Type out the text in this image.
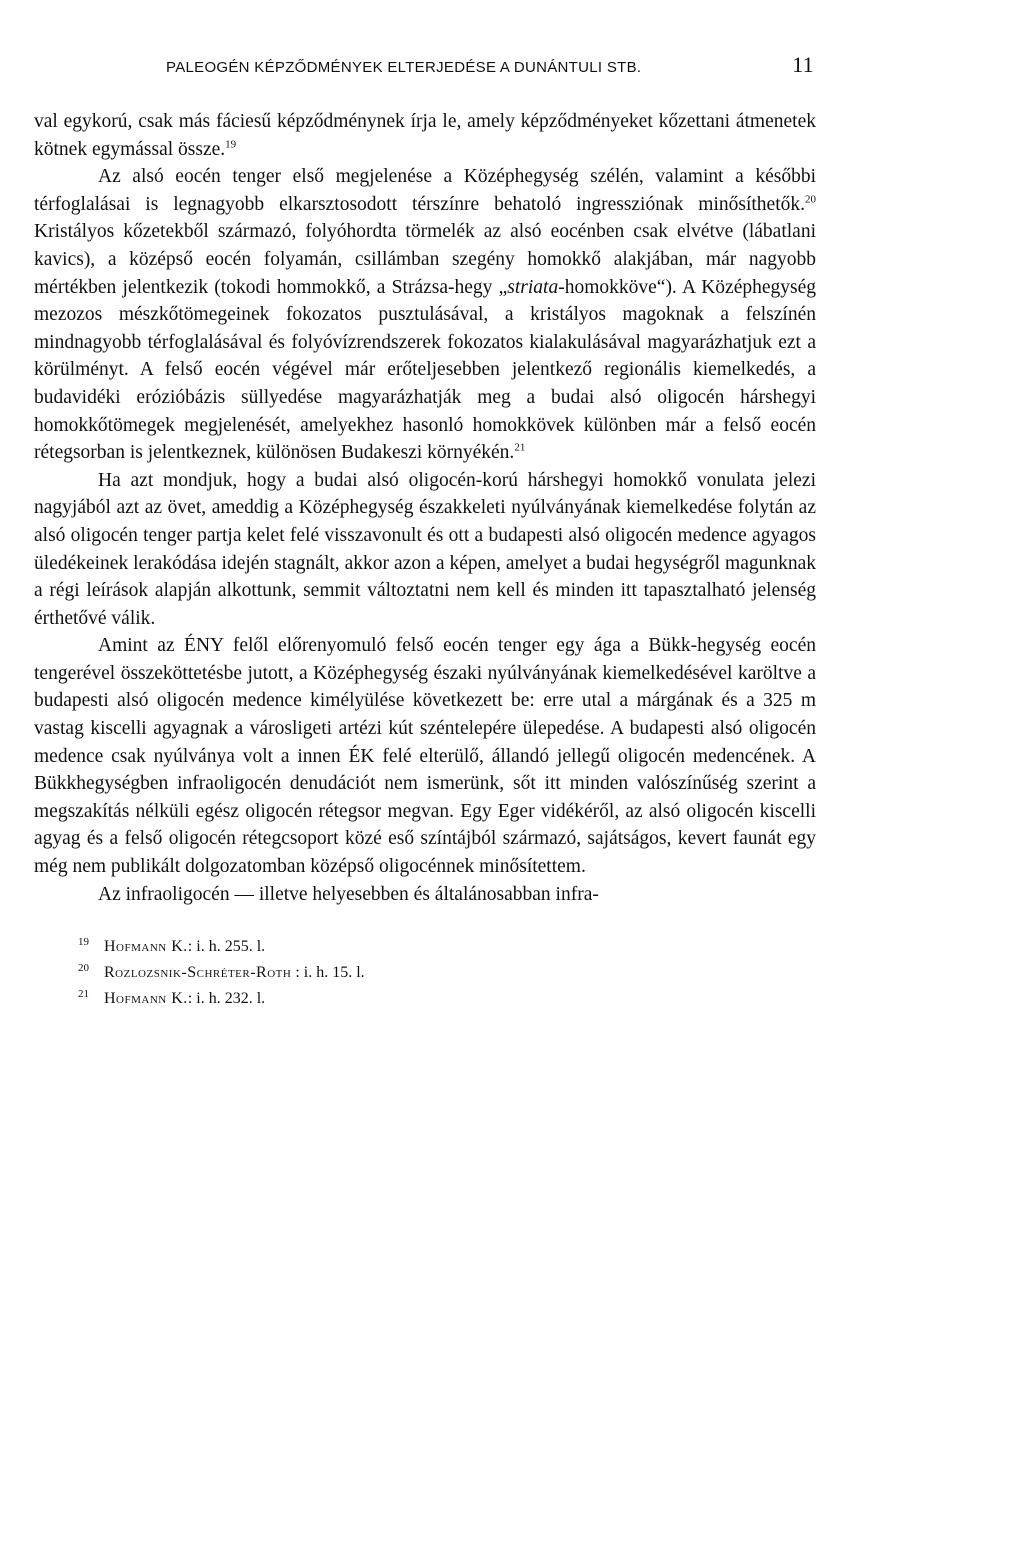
PALEOGÉN KÉPZŐDMÉNYEK ELTERJEDÉSE A DUNÁNTULI STB.	11

val egykorú, csak más fáciesű képződménynek írja le, amely képződményeket kőzettani átmenetek kötnek egymással össze.$^{19}$

Az alsó eocén tenger első megjelenése a Középhegység szélén, valamint a későbbi térfoglalásai is legnagyobb elkarsztosodott térszínre behatoló ingressziónak minősíthetők.$^{20}$ Kristályos kőzetekből származó, folyóhordta törmelék az alsó eocénben csak elvétve (lábatlani kavics), a középső eocén folyamán, csillámban szegény homokkő alakjában, már nagyobb mértékben jelentkezik (tokodi hommokkő, a Strázsa-hegy „striata-homokköve“). A Középhegység mezozos mészkőtömegeinek fokozatos pusztulásával, a kristályos magoknak a felszínén mindnagyobb térfoglalásával és folyóvízrendszerek fokozatos kialakulásával magyarázhatjuk ezt a körülményt. A felső eocén végével már erőteljesebben jelentkező regionális kiemelkedés, a budavidéki erózióbázis süllyedése magyarázhatják meg a budai alsó oligocén hárshegyi homokkőtömegek megjelenését, amelyekhez hasonló homokkövek különben már a felső eocén rétegsorban is jelentkeznek, különösen Budakeszi környékén.$^{21}$

Ha azt mondjuk, hogy a budai alsó oligocén-korú hárshegyi homokkő vonulata jelezi nagyjából azt az övet, ameddig a Középhegység északkeleti nyúlványának kiemelkedése folytán az alsó oligocén tenger partja kelet felé visszavonult és ott a budapesti alsó oligocén medence agyagos üledékeinek lerakódása idején stagnált, akkor azon a képen, amelyet a budai hegységről magunknak a régi leírások alapján alkottunk, semmit változtatni nem kell és minden itt tapasztalható jelenség érthetővé válik.

Amint az ÉNY felől előrenyomuló felső eocén tenger egy ága a Bükk-hegység eocén tengerével összeköttetésbe jutott, a Középhegység északi nyúlványának kiemelkedésével karöltve a budapesti alsó oligocén medence kimélyülése következett be: erre utal a márgának és a 325 m vastag kiscelli agyagnak a városligeti artézi kút széntelepére ülepedése. A budapesti alsó oligocén medence csak nyúlványa volt a innen ÉK felé elterülő, állandó jellegű oligocén medencének. A Bükkhegységben infraoligocén denudációt nem ismerünk, sőt itt minden valószínűség szerint a megszakítás nélküli egész oligocén rétegsor megvan. Egy Eger vidékéről, az alsó oligocén kiscelli agyag és a felső oligocén rétegcsoport közé eső színtájból származó, sajátságos, kevert faunát egy még nem publikált dolgozatomban középső oligocénnek minősítettem.

Az infraoligocén — illetve helyesebben és általánosabban infra-

19 Hofmann K.: i. h. 255. l.
20 Rozlozsnik-Schréter-Roth : i. h. 15. l.
21 Hofmann K.: i. h. 232. l.
